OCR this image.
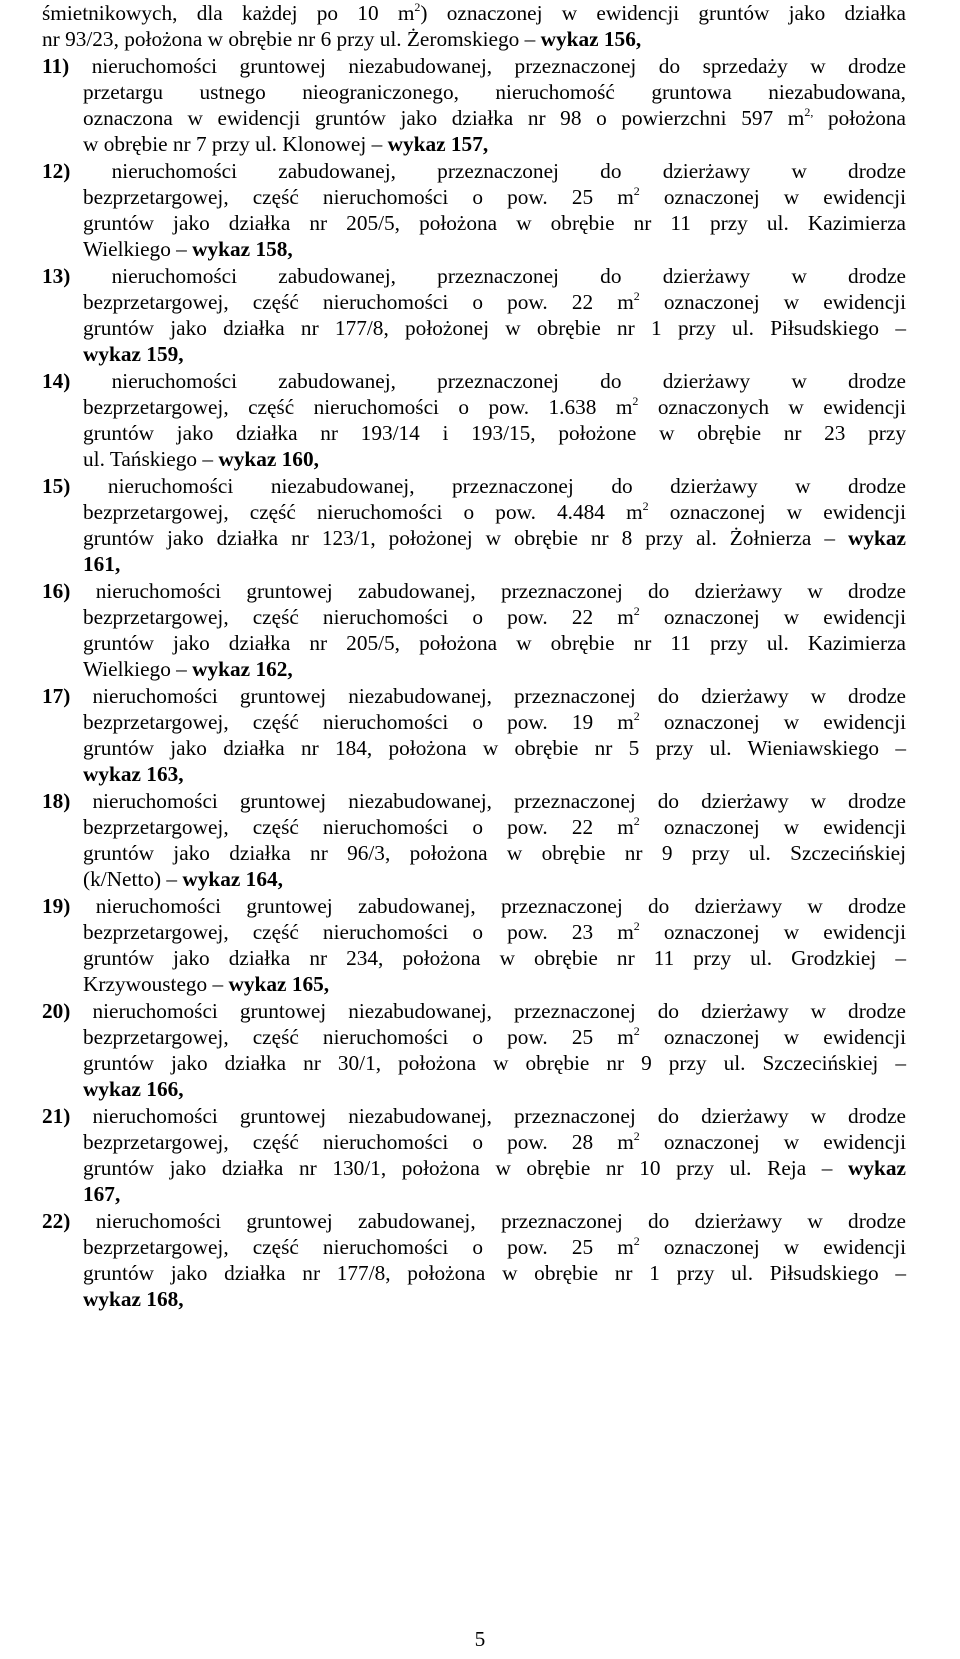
śmietnikowych, dla każdej po 10 $m^2$) oznaczonej w ewidencji gruntów jako działka
nr 93/23, położona w obrębie nr 6 przy ul. Żeromskiego – wykaz 156,
11) nieruchomości gruntowej niezabudowanej, przeznaczonej do sprzedaży w drodze
przetargu ustnego nieograniczonego, nieruchomość gruntowa niezabudowana,
oznaczona w ewidencji gruntów jako działka nr 98 o powierzchni 597 $m^{2,}$ położona
w obrębie nr 7 przy ul. Klonowej – wykaz 157,
12) nieruchomości zabudowanej, przeznaczonej do dzierżawy w drodze
bezprzetargowej, część nieruchomości o pow. 25 $m^2$ oznaczonej w ewidencji
gruntów jako działka nr 205/5, położona w obrębie nr 11 przy ul. Kazimierza
Wielkiego – wykaz 158,
13) nieruchomości zabudowanej, przeznaczonej do dzierżawy w drodze
bezprzetargowej, część nieruchomości o pow. 22 $m^2$ oznaczonej w ewidencji
gruntów jako działka nr 177/8, położonej w obrębie nr 1 przy ul. Piłsudskiego –
wykaz 159,
14) nieruchomości zabudowanej, przeznaczonej do dzierżawy w drodze
bezprzetargowej, część nieruchomości o pow. 1.638 $m^2$ oznaczonych w ewidencji
gruntów jako działka nr 193/14 i 193/15, położone w obrębie nr 23 przy
ul. Tańskiego – wykaz 160,
15) nieruchomości niezabudowanej, przeznaczonej do dzierżawy w drodze
bezprzetargowej, część nieruchomości o pow. 4.484 $m^2$ oznaczonej w ewidencji
gruntów jako działka nr 123/1, położonej w obrębie nr 8 przy al. Żołnierza – wykaz
161,
16) nieruchomości gruntowej zabudowanej, przeznaczonej do dzierżawy w drodze
bezprzetargowej, część nieruchomości o pow. 22 $m^2$ oznaczonej w ewidencji
gruntów jako działka nr 205/5, położona w obrębie nr 11 przy ul. Kazimierza
Wielkiego – wykaz 162,
17) nieruchomości gruntowej niezabudowanej, przeznaczonej do dzierżawy w drodze
bezprzetargowej, część nieruchomości o pow. 19 $m^2$ oznaczonej w ewidencji
gruntów jako działka nr 184, położona w obrębie nr 5 przy ul. Wieniawskiego –
wykaz 163,
18) nieruchomości gruntowej niezabudowanej, przeznaczonej do dzierżawy w drodze
bezprzetargowej, część nieruchomości o pow. 22 $m^2$ oznaczonej w ewidencji
gruntów jako działka nr 96/3, położona w obrębie nr 9 przy ul. Szczecińskiej
(k/Netto) – wykaz 164,
19) nieruchomości gruntowej zabudowanej, przeznaczonej do dzierżawy w drodze
bezprzetargowej, część nieruchomości o pow. 23 $m^2$ oznaczonej w ewidencji
gruntów jako działka nr 234, położona w obrębie nr 11 przy ul. Grodzkiej –
Krzywoustego – wykaz 165,
20) nieruchomości gruntowej niezabudowanej, przeznaczonej do dzierżawy w drodze
bezprzetargowej, część nieruchomości o pow. 25 $m^2$ oznaczonej w ewidencji
gruntów jako działka nr 30/1, położona w obrębie nr 9 przy ul. Szczecińskiej –
wykaz 166,
21) nieruchomości gruntowej niezabudowanej, przeznaczonej do dzierżawy w drodze
bezprzetargowej, część nieruchomości o pow. 28 $m^2$ oznaczonej w ewidencji
gruntów jako działka nr 130/1, położona w obrębie nr 10 przy ul. Reja – wykaz
167,
22) nieruchomości gruntowej zabudowanej, przeznaczonej do dzierżawy w drodze
bezprzetargowej, część nieruchomości o pow. 25 $m^2$ oznaczonej w ewidencji
gruntów jako działka nr 177/8, położona w obrębie nr 1 przy ul. Piłsudskiego –
wykaz 168,
5
